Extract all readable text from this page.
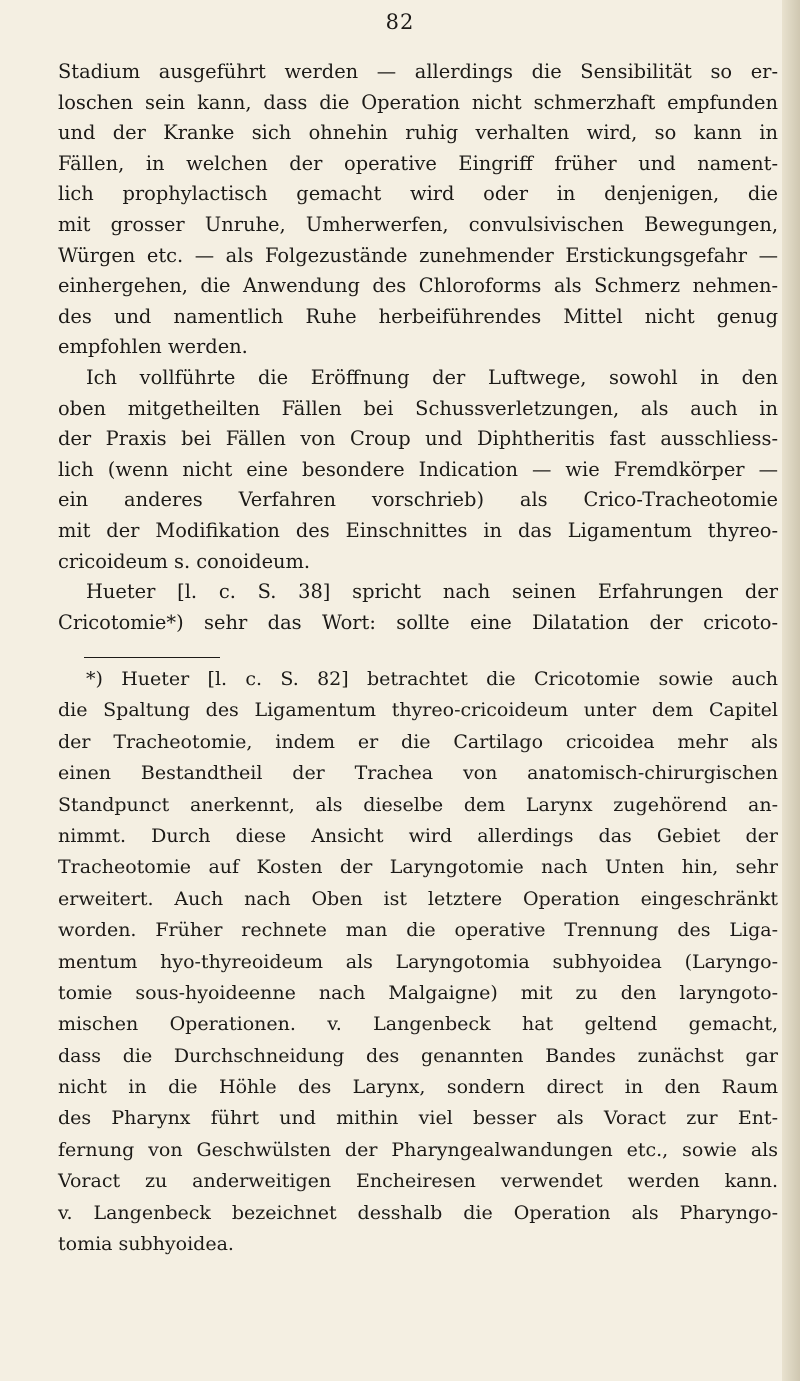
82
Stadium ausgeführt werden — allerdings die Sensibilität so er-
loschen sein kann, dass die Operation nicht schmerzhaft empfunden
und der Kranke sich ohnehin ruhig verhalten wird, so kann in
Fällen, in welchen der operative Eingriff früher und nament-
lich prophylactisch gemacht wird oder in denjenigen, die
mit grosser Unruhe, Umherwerfen, convulsivischen Bewegungen,
Würgen etc. — als Folgezustände zunehmender Erstickungsgefahr —
einhergehen, die Anwendung des Chloroforms als Schmerz nehmen-
des und namentlich Ruhe herbeiführendes Mittel nicht genug
empfohlen werden.
Ich vollführte die Eröffnung der Luftwege, sowohl in den
oben mitgetheilten Fällen bei Schussverletzungen, als auch in
der Praxis bei Fällen von Croup und Diphtheritis fast ausschliess-
lich (wenn nicht eine besondere Indication — wie Fremdkörper —
ein anderes Verfahren vorschrieb) als Crico-Tracheotomie
mit der Modifikation des Einschnittes in das Ligamentum thyreo-
cricoideum s. conoideum.
Hueter [l. c. S. 38] spricht nach seinen Erfahrungen der
Cricotomie*) sehr das Wort: sollte eine Dilatation der cricoto-
*) Hueter [l. c. S. 82] betrachtet die Cricotomie sowie auch
die Spaltung des Ligamentum thyreo-cricoideum unter dem Capitel
der Tracheotomie, indem er die Cartilago cricoidea mehr als
einen Bestandtheil der Trachea von anatomisch-chirurgischen
Standpunct anerkennt, als dieselbe dem Larynx zugehörend an-
nimmt. Durch diese Ansicht wird allerdings das Gebiet der
Tracheotomie auf Kosten der Laryngotomie nach Unten hin, sehr
erweitert. Auch nach Oben ist letztere Operation eingeschränkt
worden. Früher rechnete man die operative Trennung des Liga-
mentum hyo-thyreoideum als Laryngotomia subhyoidea (Laryngo-
tomie sous-hyoideenne nach Malgaigne) mit zu den laryngoto-
mischen Operationen. v. Langenbeck hat geltend gemacht,
dass die Durchschneidung des genannten Bandes zunächst gar
nicht in die Höhle des Larynx, sondern direct in den Raum
des Pharynx führt und mithin viel besser als Voract zur Ent-
fernung von Geschwülsten der Pharyngealwandungen etc., sowie als
Voract zu anderweitigen Encheiresen verwendet werden kann.
v. Langenbeck bezeichnet desshalb die Operation als Pharyngo-
tomia subhyoidea.
